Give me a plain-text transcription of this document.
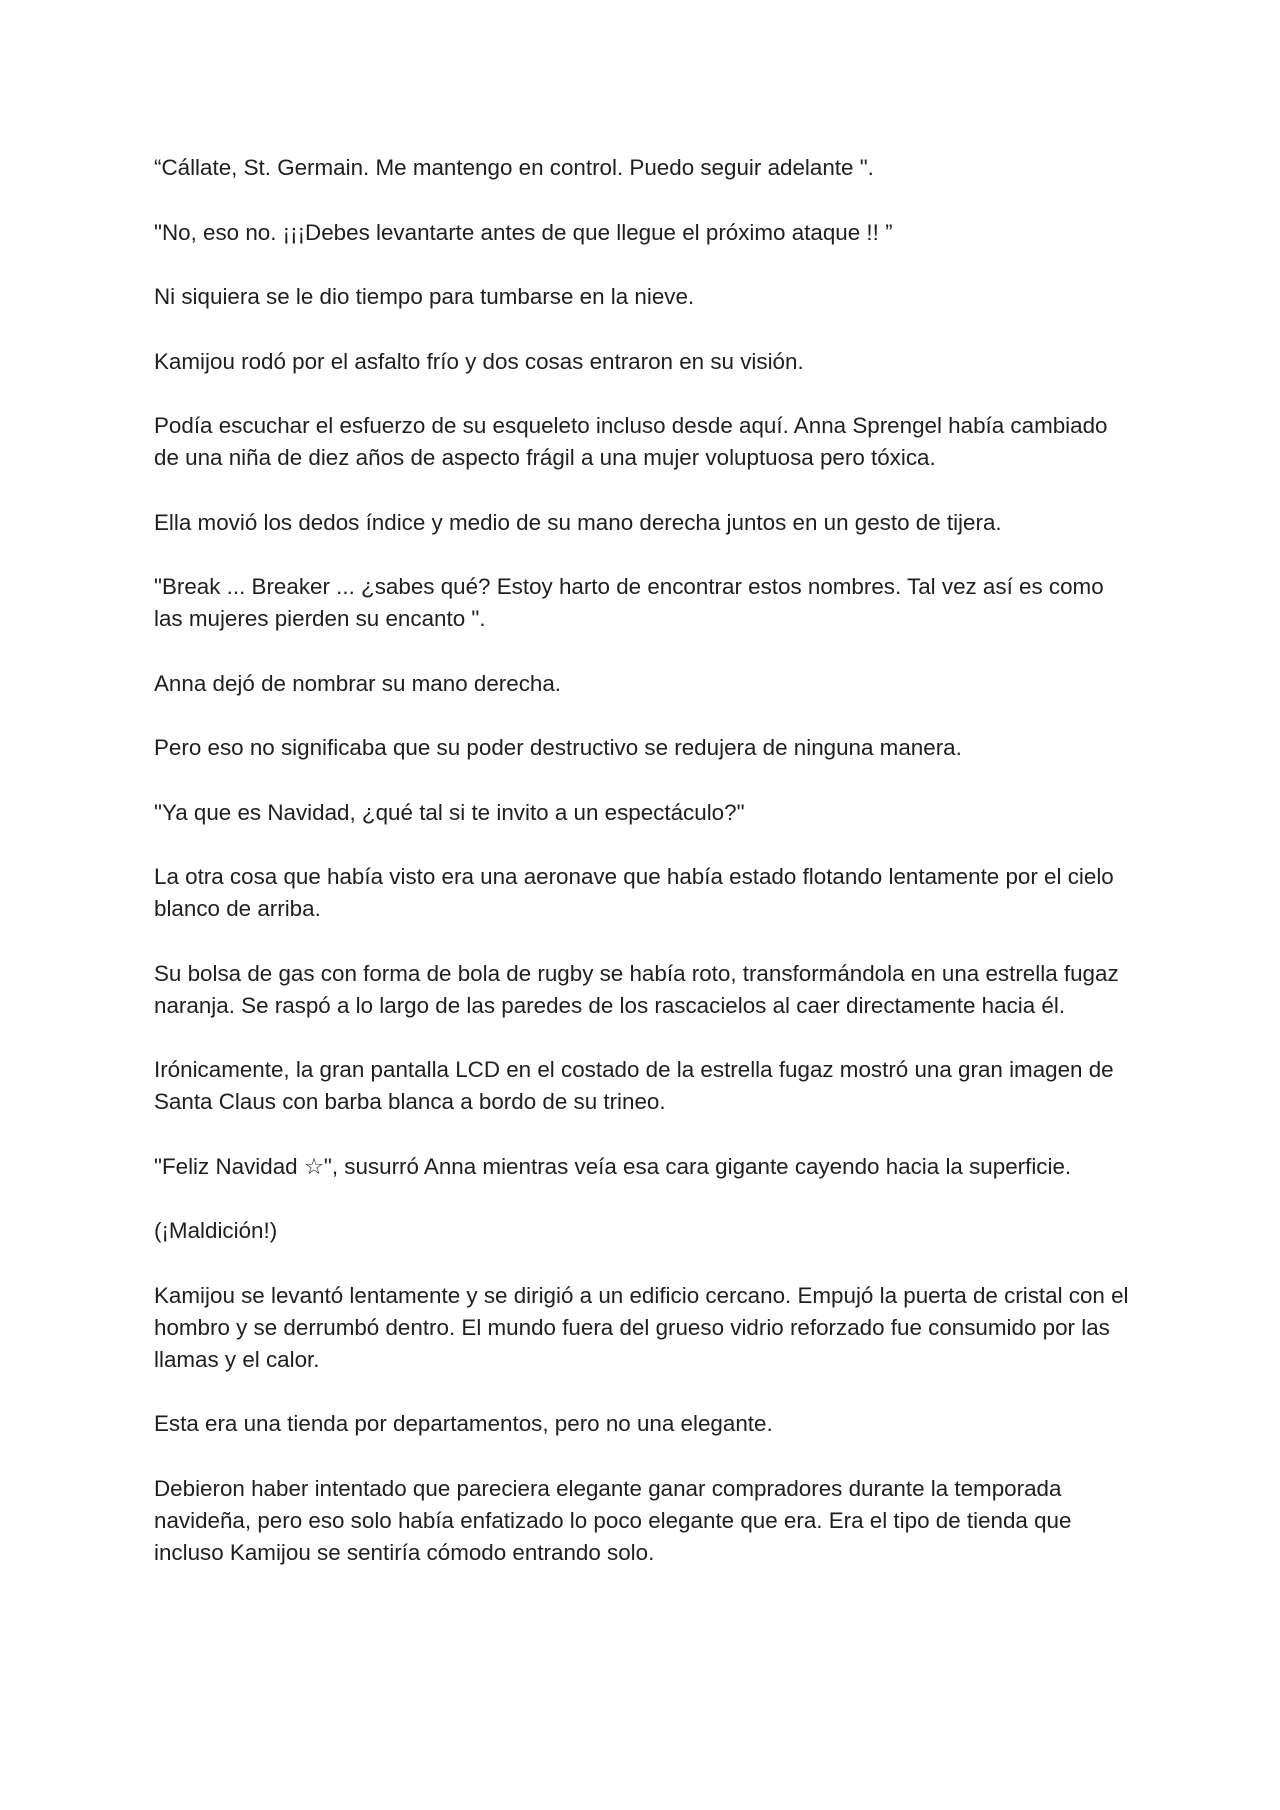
“Cállate, St. Germain. Me mantengo en control. Puedo seguir adelante ".

"No, eso no. ¡¡¡Debes levantarte antes de que llegue el próximo ataque !! ”

Ni siquiera se le dio tiempo para tumbarse en la nieve.

Kamijou rodó por el asfalto frío y dos cosas entraron en su visión.

Podía escuchar el esfuerzo de su esqueleto incluso desde aquí. Anna Sprengel había cambiado de una niña de diez años de aspecto frágil a una mujer voluptuosa pero tóxica.

Ella movió los dedos índice y medio de su mano derecha juntos en un gesto de tijera.

"Break ... Breaker ... ¿sabes qué? Estoy harto de encontrar estos nombres. Tal vez así es como las mujeres pierden su encanto ".

Anna dejó de nombrar su mano derecha.

Pero eso no significaba que su poder destructivo se redujera de ninguna manera.

"Ya que es Navidad, ¿qué tal si te invito a un espectáculo?"

La otra cosa que había visto era una aeronave que había estado flotando lentamente por el cielo blanco de arriba.

Su bolsa de gas con forma de bola de rugby se había roto, transformándola en una estrella fugaz naranja. Se raspó a lo largo de las paredes de los rascacielos al caer directamente hacia él.

Irónicamente, la gran pantalla LCD en el costado de la estrella fugaz mostró una gran imagen de Santa Claus con barba blanca a bordo de su trineo.

"Feliz Navidad ☆", susurró Anna mientras veía esa cara gigante cayendo hacia la superficie.

(¡Maldición!)

Kamijou se levantó lentamente y se dirigió a un edificio cercano. Empujó la puerta de cristal con el hombro y se derrumbó dentro. El mundo fuera del grueso vidrio reforzado fue consumido por las llamas y el calor.

Esta era una tienda por departamentos, pero no una elegante.

Debieron haber intentado que pareciera elegante ganar compradores durante la temporada navideña, pero eso solo había enfatizado lo poco elegante que era. Era el tipo de tienda que incluso Kamijou se sentiría cómodo entrando solo.
